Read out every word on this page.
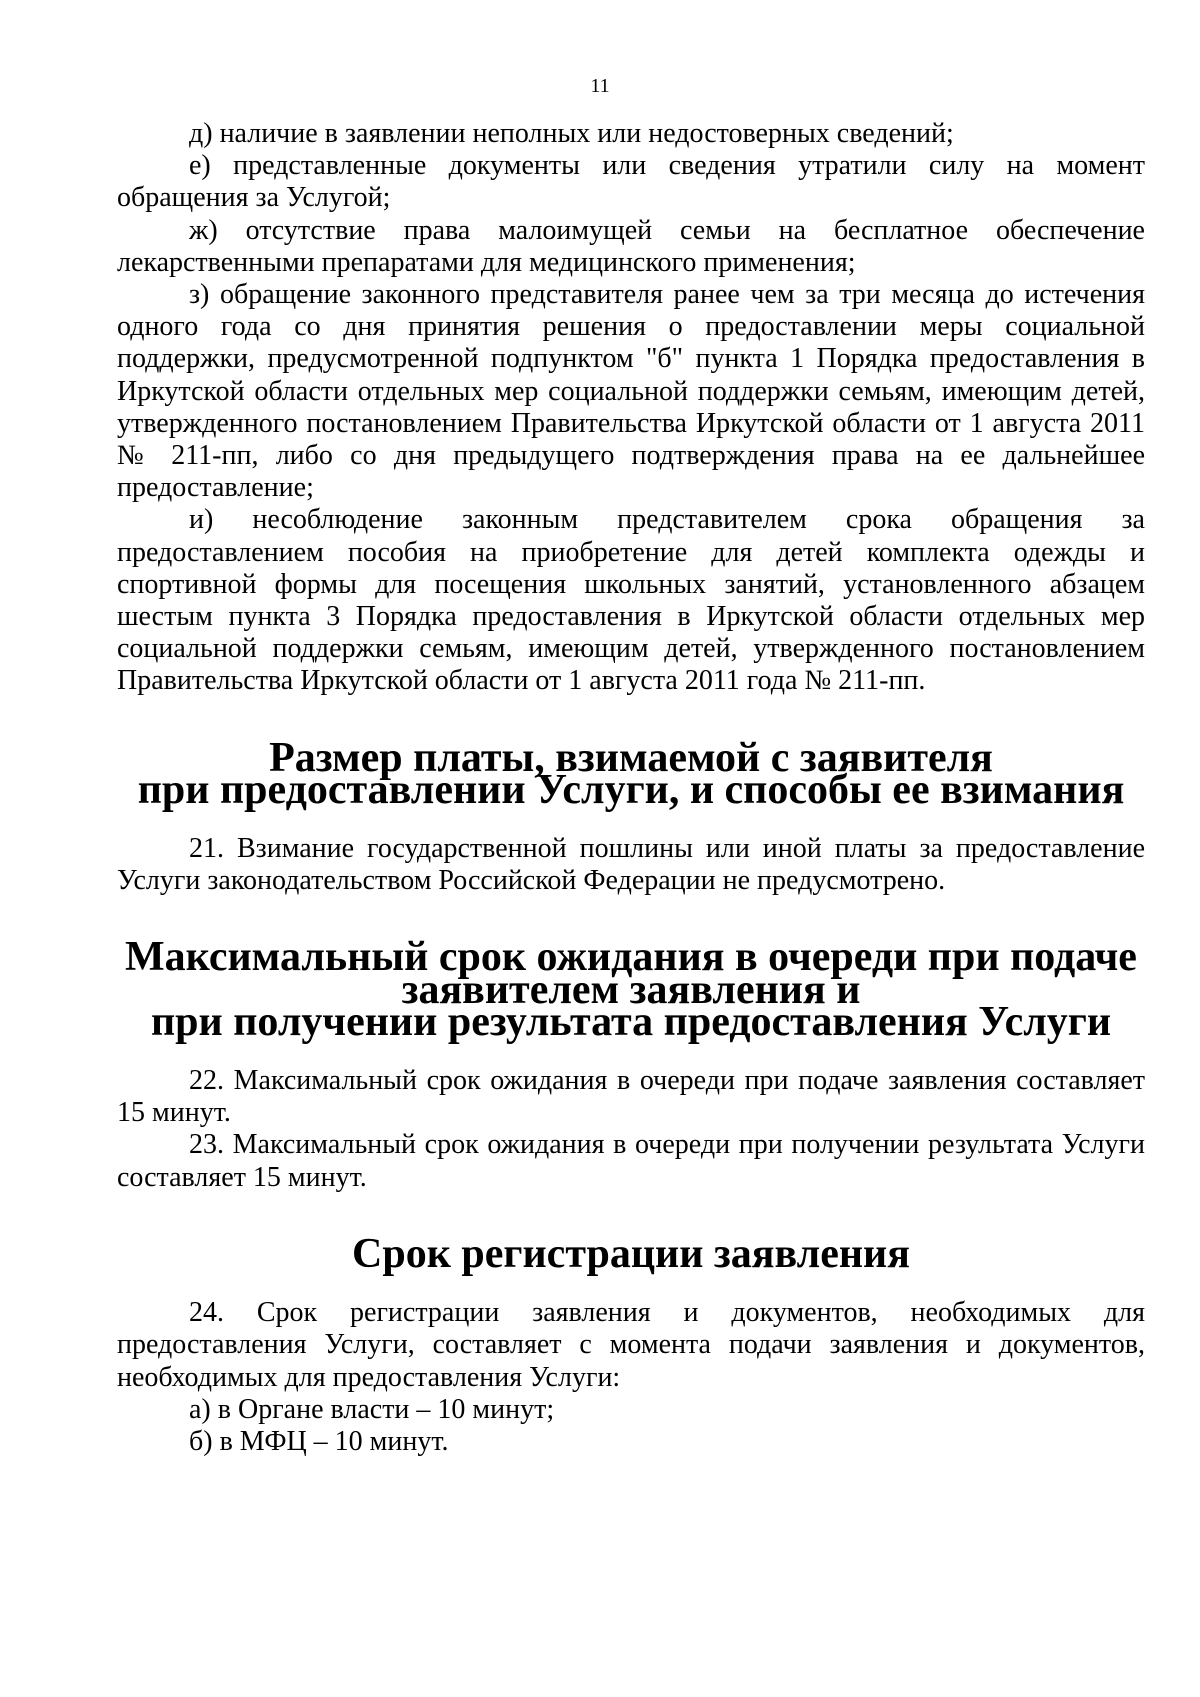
11

д) наличие в заявлении неполных или недостоверных сведений;

е) представленные документы или сведения утратили силу на момент обращения за Услугой;

ж) отсутствие права малоимущей семьи на бесплатное обеспечение лекарственными препаратами для медицинского применения;

з) обращение законного представителя ранее чем за три месяца до истечения одного года со дня принятия решения о предоставлении меры социальной поддержки, предусмотренной подпунктом "б" пункта 1 Порядка предоставления в Иркутской области отдельных мер социальной поддержки семьям, имеющим детей, утвержденного постановлением Правительства Иркутской области от 1 августа 2011 № 211-пп, либо со дня предыдущего подтверждения права на ее дальнейшее предоставление;

и) несоблюдение законным представителем срока обращения за предоставлением пособия на приобретение для детей комплекта одежды и спортивной формы для посещения школьных занятий, установленного абзацем шестым пункта 3 Порядка предоставления в Иркутской области отдельных мер социальной поддержки семьям, имеющим детей, утвержденного постановлением Правительства Иркутской области от 1 августа 2011 года № 211-пп.

Размер платы, взимаемой с заявителя
при предоставлении Услуги, и способы ее взимания

21. Взимание государственной пошлины или иной платы за предоставление Услуги законодательством Российской Федерации не предусмотрено.

Максимальный срок ожидания в очереди при подаче заявителем заявления и
при получении результата предоставления Услуги

22. Максимальный срок ожидания в очереди при подаче заявления составляет 15 минут.

23. Максимальный срок ожидания в очереди при получении результата Услуги составляет 15 минут.

Срок регистрации заявления

24. Срок регистрации заявления и документов, необходимых для предоставления Услуги, составляет с момента подачи заявления и документов, необходимых для предоставления Услуги:

а) в Органе власти – 10 минут;

б) в МФЦ – 10 минут.
